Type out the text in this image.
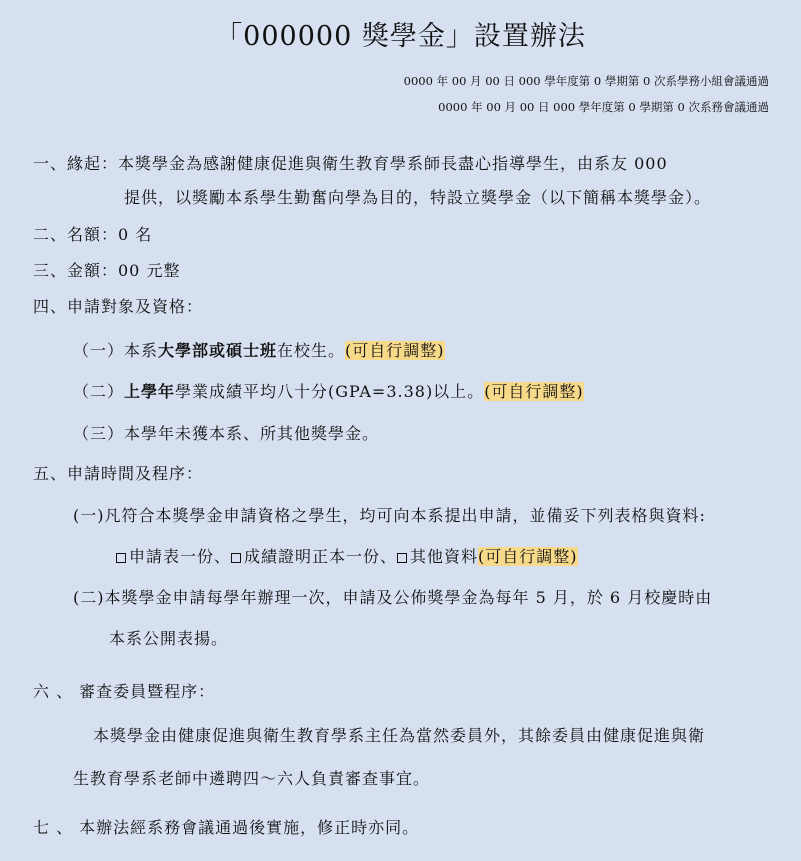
「000000 獎學金」設置辦法
0000 年 00 月 00 日 000 學年度第 0 學期第 0 次系學務小組會議通過
0000 年 00 月 00 日 000 學年度第 0 學期第 0 次系務會議通過
一、緣起：本獎學金為感謝健康促進與衛生教育學系師長盡心指導學生，由系友 000
提供，以獎勵本系學生勤奮向學為目的，特設立獎學金（以下簡稱本獎學金）。
二、名額：0 名
三、金額：00 元整
四、申請對象及資格：
（一）本系大學部或碩士班在校生。(可自行調整)
（二）上學年學業成績平均八十分(GPA=3.38)以上。(可自行調整)
（三）本學年未獲本系、所其他獎學金。
五、申請時間及程序：
(一)凡符合本獎學金申請資格之學生，均可向本系提出申請，並備妥下列表格與資料:
申請表一份、 成績證明正本一份、 其他資料(可自行調整)
(二)本獎學金申請每學年辦理一次，申請及公佈獎學金為每年 5 月，於 6 月校慶時由
本系公開表揚。
六 、 審查委員暨程序：
本獎學金由健康促進與衛生教育學系主任為當然委員外，其餘委員由健康促進與衛
生教育學系老師中遴聘四～六人負責審查事宜。
七 、 本辦法經系務會議通過後實施，修正時亦同。
